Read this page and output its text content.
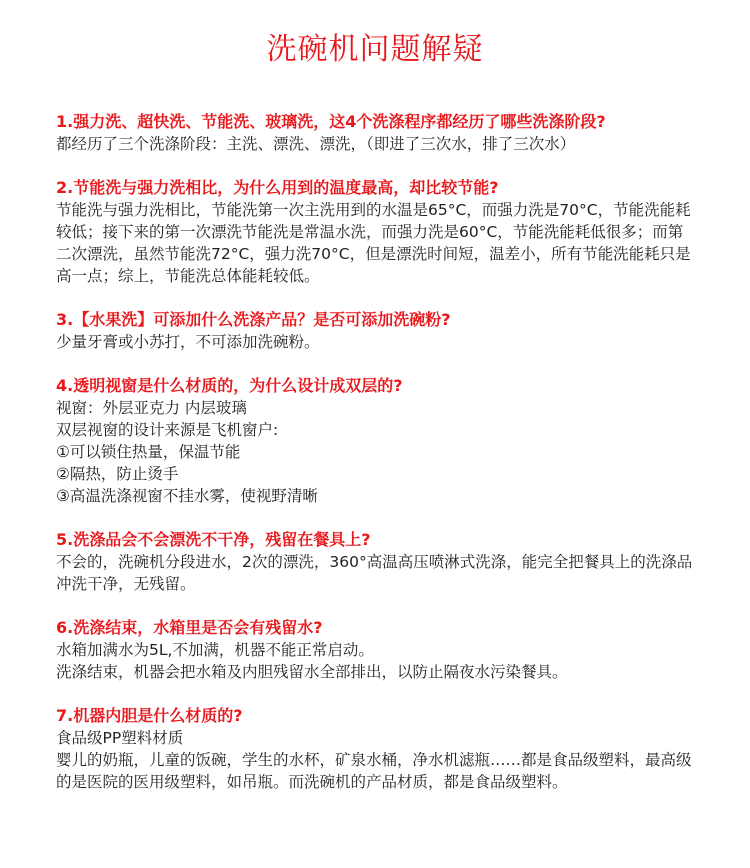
洗碗机问题解疑

1.强力洗、超快洗、节能洗、玻璃洗，这4个洗涤程序都经历了哪些洗涤阶段?

都经历了三个洗涤阶段：主洗、漂洗、漂洗，（即进了三次水，排了三次水）

2.节能洗与强力洗相比，为什么用到的温度最高，却比较节能?

节能洗与强力洗相比，节能洗第一次主洗用到的水温是65°C，而强力洗是70°C，节能洗能耗较低；接下来的第一次漂洗节能洗是常温水洗，而强力洗是60°C，节能洗能耗低很多；而第二次漂洗，虽然节能洗72°C，强力洗70°C，但是漂洗时间短，温差小，所有节能洗能耗只是高一点；综上，节能洗总体能耗较低。

3.【水果洗】可添加什么洗涤产品？是否可添加洗碗粉?

少量牙膏或小苏打，不可添加洗碗粉。

4.透明视窗是什么材质的，为什么设计成双层的?

视窗：外层亚克力 内层玻璃

双层视窗的设计来源是飞机窗户:

①可以锁住热量，保温节能

②隔热，防止烫手

③高温洗涤视窗不挂水雾，使视野清晰

5.洗涤品会不会漂洗不干净，残留在餐具上?

不会的，洗碗机分段进水，2次的漂洗，360°高温高压喷淋式洗涤，能完全把餐具上的洗涤品冲洗干净，无残留。

6.洗涤结束，水箱里是否会有残留水?

水箱加满水为5L,不加满，机器不能正常启动。

洗涤结束，机器会把水箱及内胆残留水全部排出，以防止隔夜水污染餐具。

7.机器内胆是什么材质的?

食品级PP塑料材质

婴儿的奶瓶，儿童的饭碗，学生的水杯，矿泉水桶，净水机滤瓶……都是食品级塑料，最高级的是医院的医用级塑料，如吊瓶。而洗碗机的产品材质，都是食品级塑料。
